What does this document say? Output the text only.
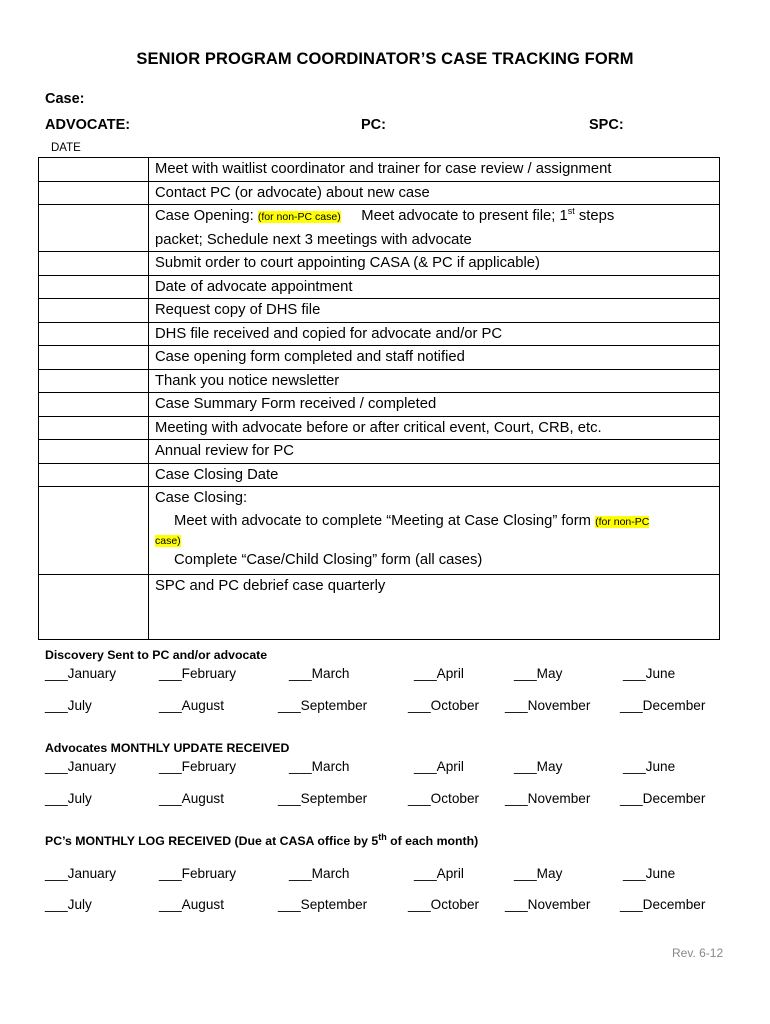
SENIOR PROGRAM COORDINATOR’S CASE TRACKING FORM
Case:
ADVOCATE:	PC:	SPC:
DATE
	Meet with waitlist coordinator and trainer for case review / assignment
	Contact PC (or advocate) about new case
	Case Opening: (for non-PC case) Meet advocate to present file; 1st steps
packet; Schedule next 3 meetings with advocate
	Submit order to court appointing CASA (& PC if applicable)
	Date of advocate appointment
	Request copy of DHS file
	DHS file received and copied for advocate and/or PC
	Case opening form completed and staff notified
	Thank you notice newsletter
	Case Summary Form received / completed
	Meeting with advocate before or after critical event, Court, CRB, etc.
	Annual review for PC
	Case Closing Date
	Case Closing:
Meet with advocate to complete “Meeting at Case Closing” form (for non-PC

case)
Complete “Case/Child Closing” form (all cases)
	SPC and PC debrief case quarterly
Discovery Sent to PC and/or advocate
___January	___February	___March	___April	___May	___June
___July	___August	___September	___October ___November ___December
Advocates MONTHLY UPDATE RECEIVED
___January	___February	___March	___April	___May	___June
___July	___August	___September	___October ___November ___December
PC’s MONTHLY LOG RECEIVED (Due at CASA office by 5th of each month)
___January	___February	___March	___April	___May	___June
___July	___August	___September	___October ___November ___December
Rev. 6-12
